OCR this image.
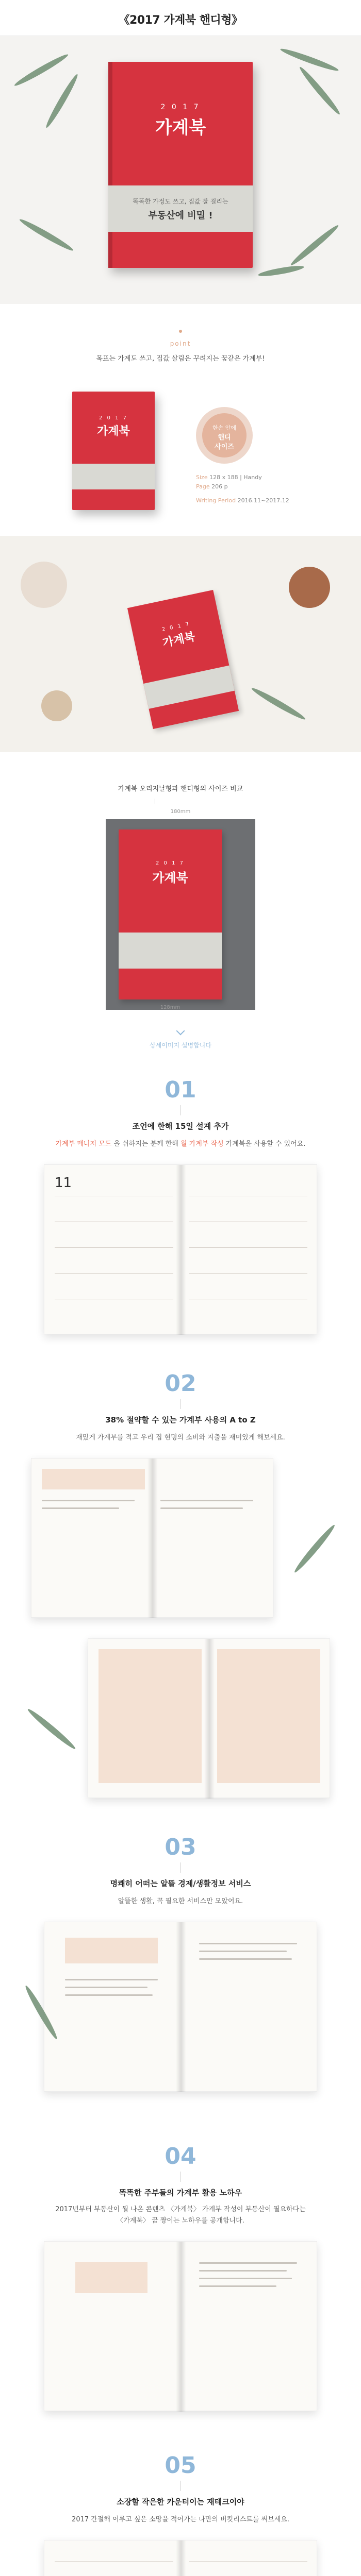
《2017 가계북 핸디형》
2 0 1 7
가계북
똑똑한 가정도 쓰고, 집값 잘 걸리는
부동산에 비밀 !
point
목표는 가계도 쓰고, 집값 살림은 꾸려지는 꿈같은 가계부!
2 0 1 7
가계북	한손 안에
핸디
사이즈
Size 128 x 188 | Handy
Page 206 p
Writing Period 2016.11~2017.12
2 0 1 7
가계북
가계북 오리지날형과 핸디형의 사이즈 비교
180mm
2 0 1 7
가계북
128mm
상세이미지 설명합니다
01
조언에 한해 15일 설계 추가
가계부 매니저 모드 을 쉬하지는 분께 한해 월 가계부 작성 가계북을 사용할 수 있어요.
11
02
38% 절약할 수 있는 가계부 사용의 A to Z
재밌게 가계부를 적고 우리 집 현명의 소비와 지출을 재미있게 해보세요.
03
명쾌히 어떠는 알뜰 경제/생활정보 서비스
알뜰한 생활, 꼭 필요한 서비스만 모았어요.
04
똑똑한 주부들의 가계부 활용 노하우
2017년부터 부동산이 될 나온 콘텐츠 〈가계북〉 가계부 작성이 부동산이 필요하다는
〈가계북〉 꿈 짱이는 노하우를 공개합니다.
05
소장할 작은한 카운터이는 재테크이야
2017 간절해 이루고 싶은 소망을 적어가는 나만의 버킷리스트를 써보세요.
